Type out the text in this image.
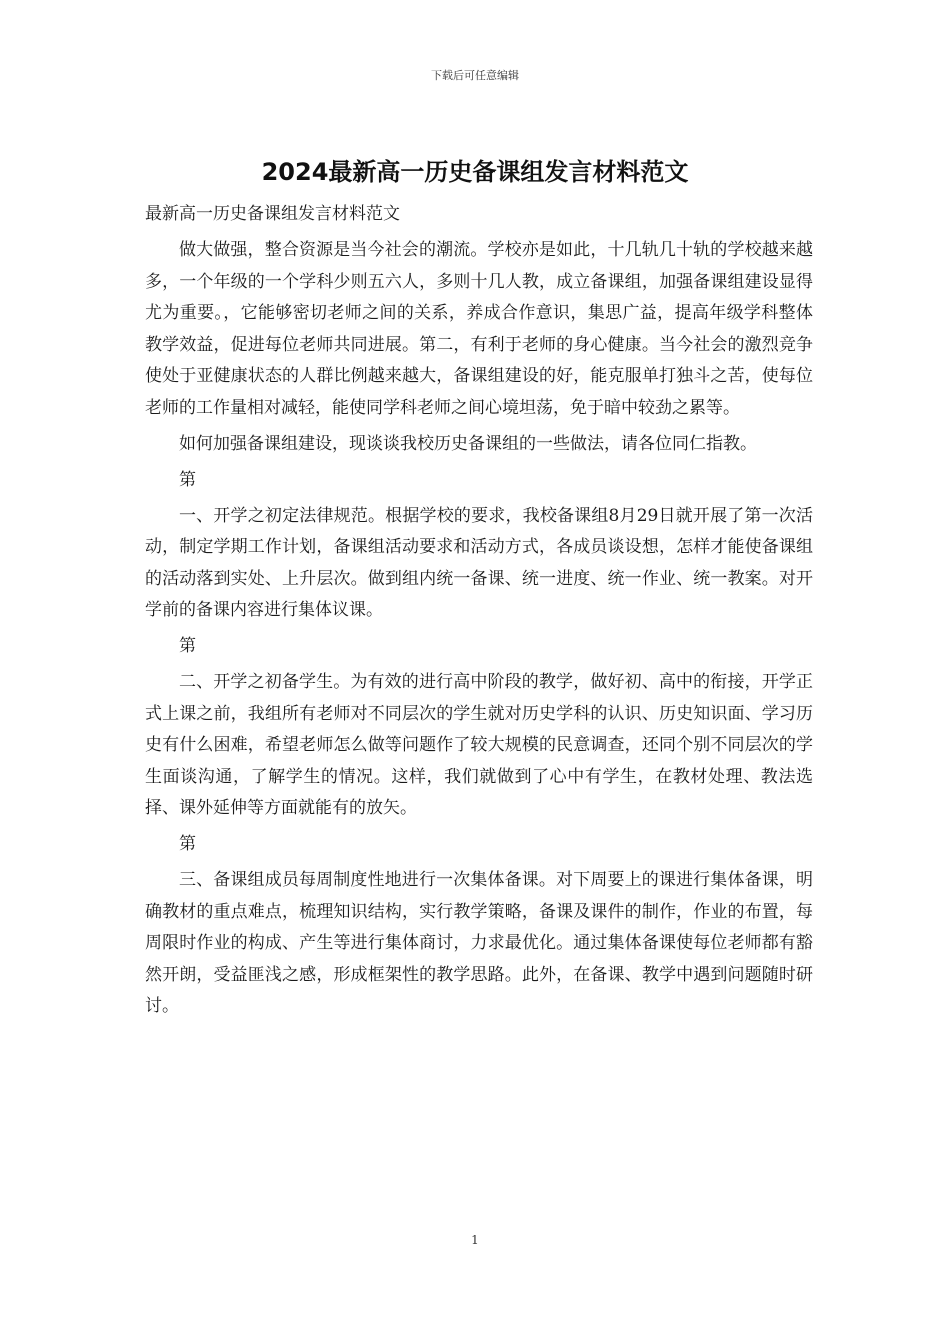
下载后可任意编辑
2024最新高一历史备课组发言材料范文

最新高一历史备课组发言材料范文

做大做强，整合资源是当今社会的潮流。学校亦是如此，十几轨几十轨的学校越来越多，一个年级的一个学科少则五六人，多则十几人教，成立备课组，加强备课组建设显得尤为重要。，它能够密切老师之间的关系，养成合作意识，集思广益，提高年级学科整体教学效益，促进每位老师共同进展。第二，有利于老师的身心健康。当今社会的激烈竞争使处于亚健康状态的人群比例越来越大，备课组建设的好，能克服单打独斗之苦，使每位老师的工作量相对减轻，能使同学科老师之间心境坦荡，免于暗中较劲之累等。

如何加强备课组建设，现谈谈我校历史备课组的一些做法，请各位同仁指教。

第

一、开学之初定法律规范。根据学校的要求，我校备课组8月29日就开展了第一次活动，制定学期工作计划，备课组活动要求和活动方式，各成员谈设想，怎样才能使备课组的活动落到实处、上升层次。做到组内统一备课、统一进度、统一作业、统一教案。对开学前的备课内容进行集体议课。

第

二、开学之初备学生。为有效的进行高中阶段的教学，做好初、高中的衔接，开学正式上课之前，我组所有老师对不同层次的学生就对历史学科的认识、历史知识面、学习历史有什么困难，希望老师怎么做等问题作了较大规模的民意调查，还同个别不同层次的学生面谈沟通，了解学生的情况。这样，我们就做到了心中有学生，在教材处理、教法选择、课外延伸等方面就能有的放矢。

第

三、备课组成员每周制度性地进行一次集体备课。对下周要上的课进行集体备课，明确教材的重点难点，梳理知识结构，实行教学策略，备课及课件的制作，作业的布置，每周限时作业的构成、产生等进行集体商讨，力求最优化。通过集体备课使每位老师都有豁然开朗，受益匪浅之感，形成框架性的教学思路。此外，在备课、教学中遇到问题随时研讨。

1
